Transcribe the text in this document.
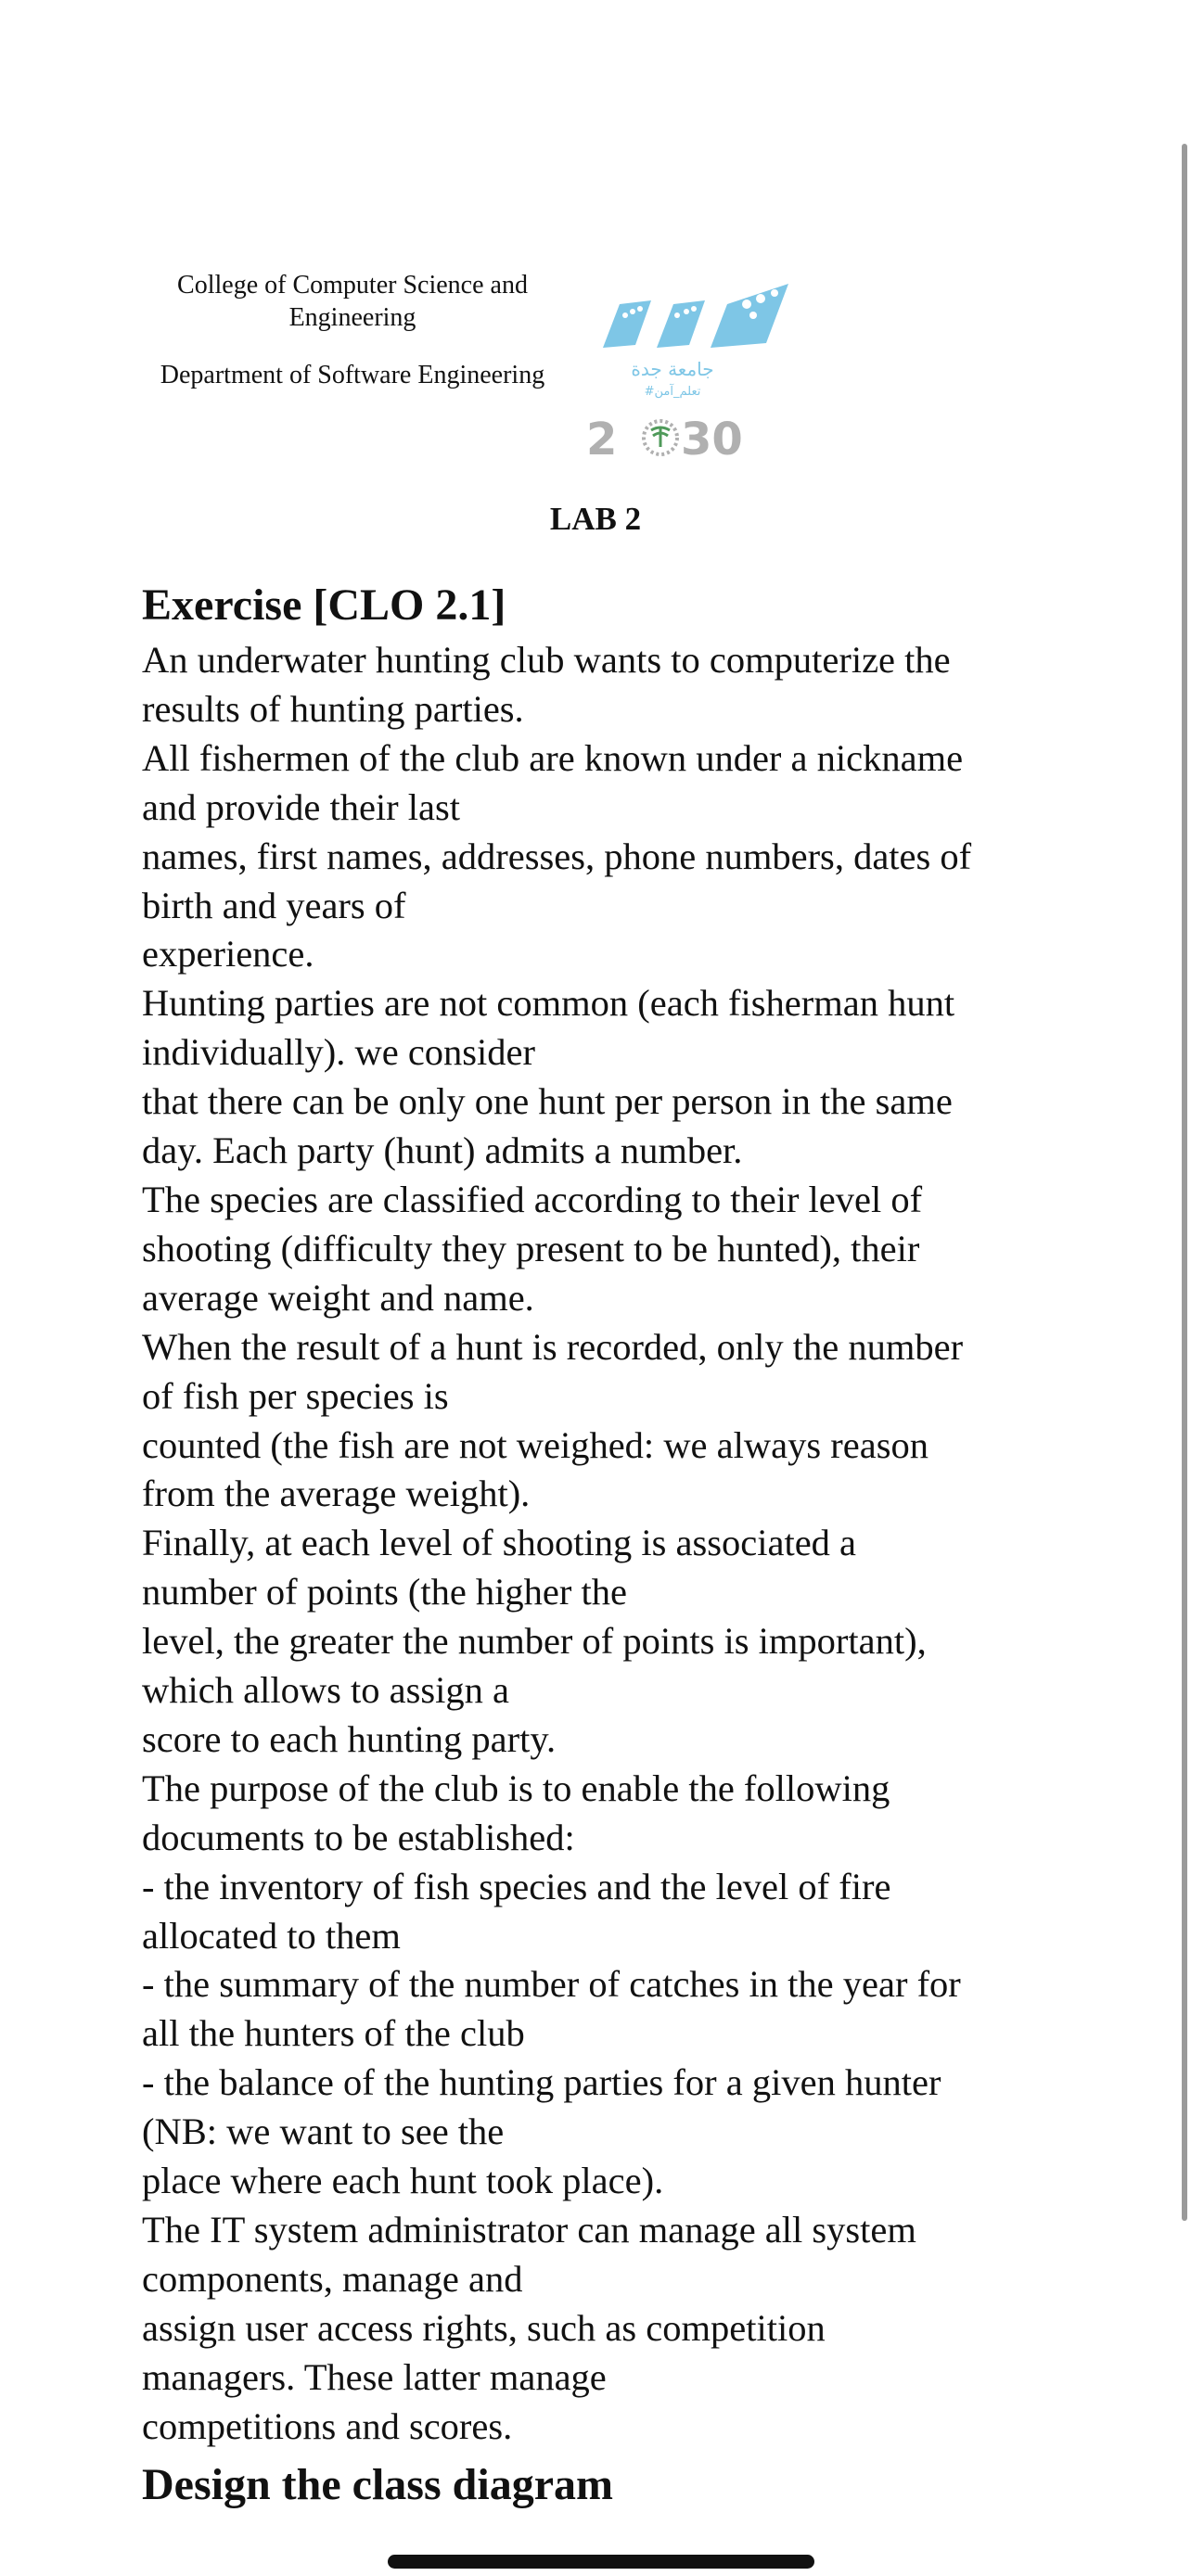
College of Computer Science and Engineering
Department of Software Engineering	جامعة جدة
#تعلم_آمن
2 30
LAB 2
Exercise [CLO 2.1]
An underwater hunting club wants to computerize the
results of hunting parties.
All fishermen of the club are known under a nickname
and provide their last
names, first names, addresses, phone numbers, dates of
birth and years of
experience.
Hunting parties are not common (each fisherman hunt
individually). we consider
that there can be only one hunt per person in the same
day. Each party (hunt) admits a number.
The species are classified according to their level of
shooting (difficulty they present to be hunted), their
average weight and name.
When the result of a hunt is recorded, only the number
of fish per species is
counted (the fish are not weighed: we always reason
from the average weight).
Finally, at each level of shooting is associated a
number of points (the higher the
level, the greater the number of points is important),
which allows to assign a
score to each hunting party.
The purpose of the club is to enable the following
documents to be established:
- the inventory of fish species and the level of fire
allocated to them
- the summary of the number of catches in the year for
all the hunters of the club
- the balance of the hunting parties for a given hunter
(NB: we want to see the
place where each hunt took place).
The IT system administrator can manage all system
components, manage and
assign user access rights, such as competition
managers. These latter manage
competitions and scores.
Design the class diagram
